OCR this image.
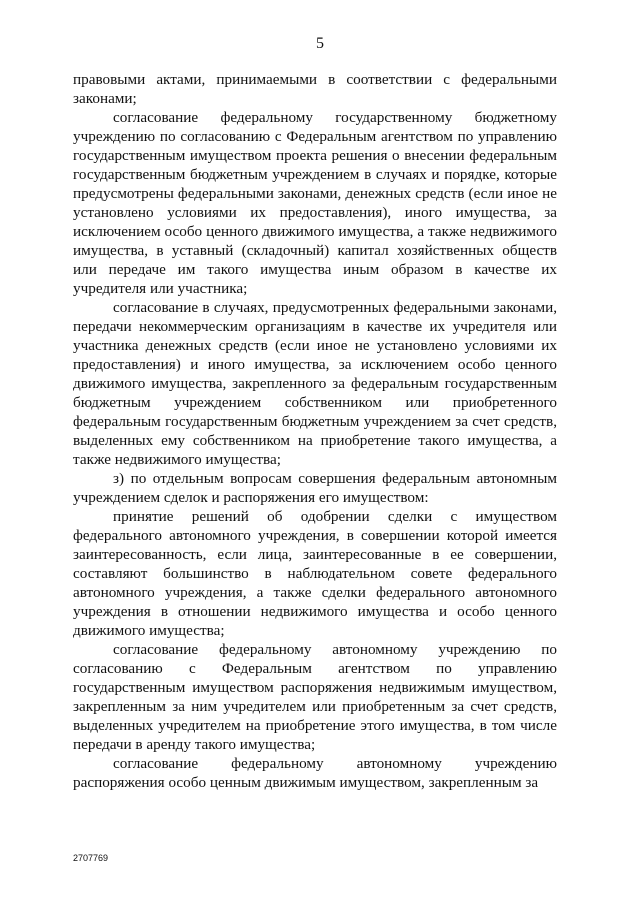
5

правовыми актами, принимаемыми в соответствии с федеральными законами;

согласование федеральному государственному бюджетному учреждению по согласованию с Федеральным агентством по управлению государственным имуществом проекта решения о внесении федеральным государственным бюджетным учреждением в случаях и порядке, которые предусмотрены федеральными законами, денежных средств (если иное не установлено условиями их предоставления), иного имущества, за исключением особо ценного движимого имущества, а также недвижимого имущества, в уставный (складочный) капитал хозяйственных обществ или передаче им такого имущества иным образом в качестве их учредителя или участника;

согласование в случаях, предусмотренных федеральными законами, передачи некоммерческим организациям в качестве их учредителя или участника денежных средств (если иное не установлено условиями их предоставления) и иного имущества, за исключением особо ценного движимого имущества, закрепленного за федеральным государственным бюджетным учреждением собственником или приобретенного федеральным государственным бюджетным учреждением за счет средств, выделенных ему собственником на приобретение такого имущества, а также недвижимого имущества;

з) по отдельным вопросам совершения федеральным автономным учреждением сделок и распоряжения его имуществом:

принятие решений об одобрении сделки с имуществом федерального автономного учреждения, в совершении которой имеется заинтересованность, если лица, заинтересованные в ее совершении, составляют большинство в наблюдательном совете федерального автономного учреждения, а также сделки федерального автономного учреждения в отношении недвижимого имущества и особо ценного движимого имущества;

согласование федеральному автономному учреждению по согласованию с Федеральным агентством по управлению государственным имуществом распоряжения недвижимым имуществом, закрепленным за ним учредителем или приобретенным за счет средств, выделенных учредителем на приобретение этого имущества, в том числе передачи в аренду такого имущества;

согласование федеральному автономному учреждению распоряжения особо ценным движимым имуществом, закрепленным за

2707769
